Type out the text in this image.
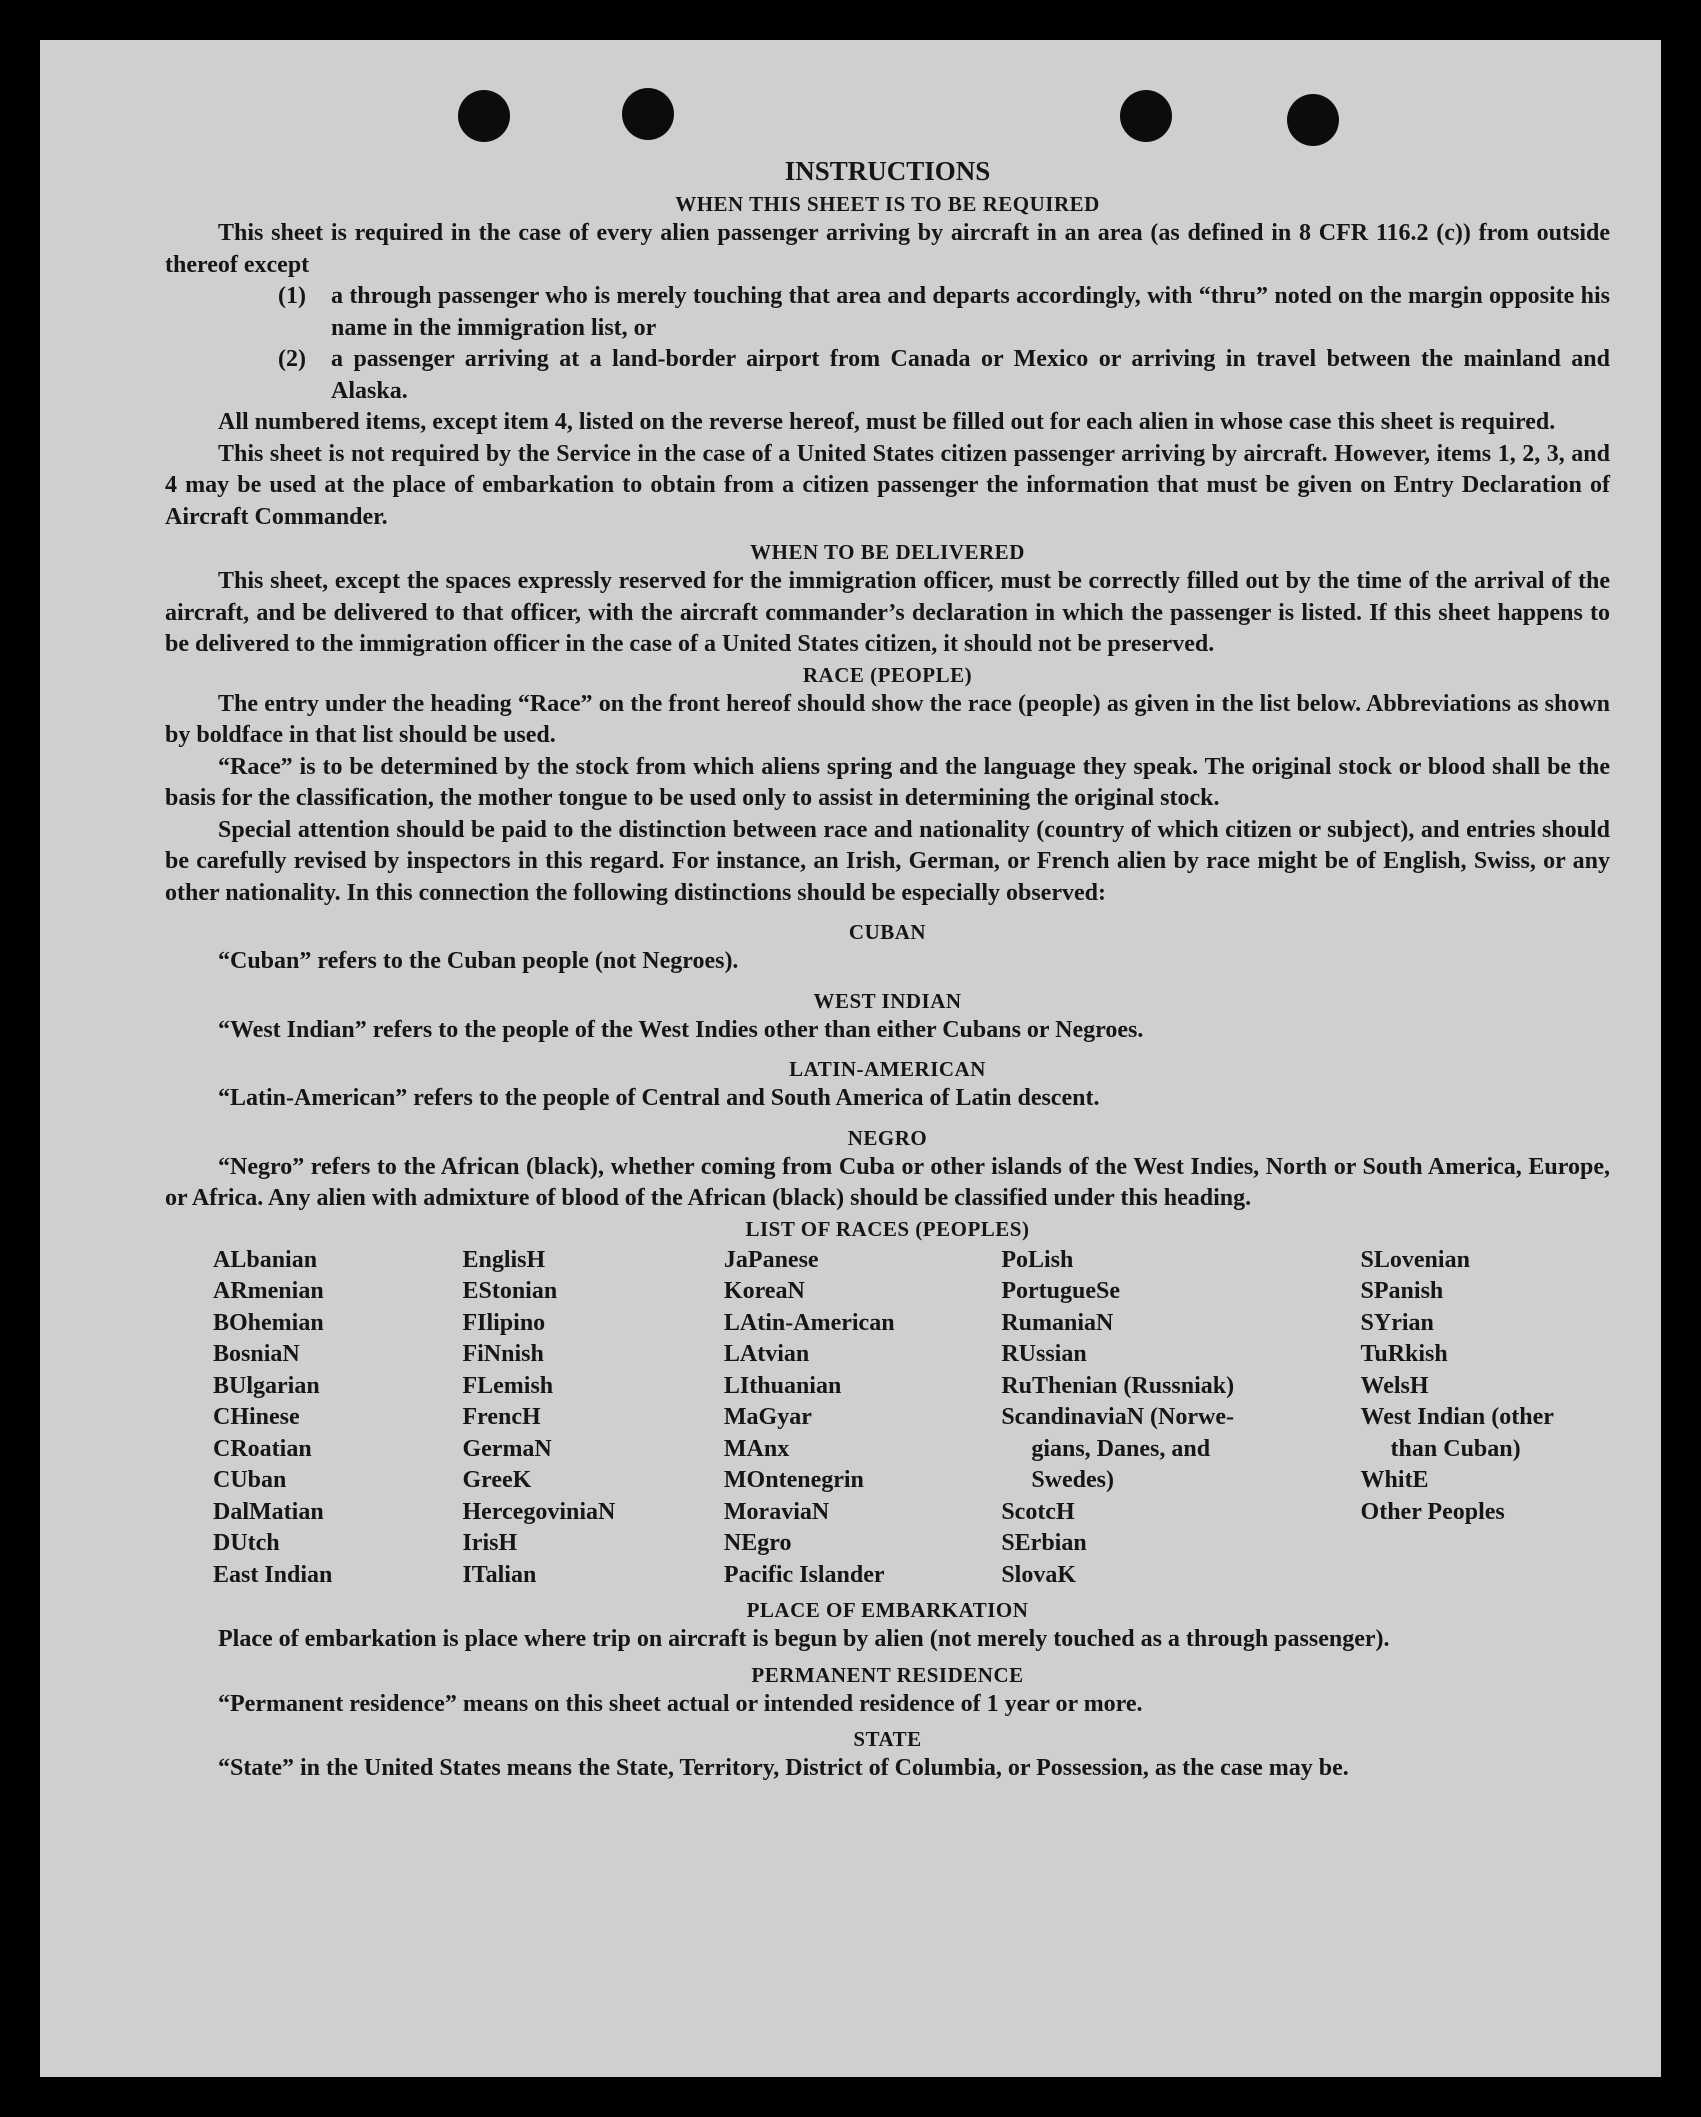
INSTRUCTIONS
WHEN THIS SHEET IS TO BE REQUIRED
This sheet is required in the case of every alien passenger arriving by aircraft in an area (as defined in 8 CFR 116.2 (c)) from outside thereof except
(1)	a through passenger who is merely touching that area and departs accordingly, with “thru” noted on the margin opposite his name in the immigration list, or
(2)	a passenger arriving at a land-border airport from Canada or Mexico or arriving in travel between the mainland and Alaska.
All numbered items, except item 4, listed on the reverse hereof, must be filled out for each alien in whose case this sheet is required.
This sheet is not required by the Service in the case of a United States citizen passenger arriving by aircraft. However, items 1, 2, 3, and 4 may be used at the place of embarkation to obtain from a citizen passenger the information that must be given on Entry Declaration of Aircraft Commander.
WHEN TO BE DELIVERED
This sheet, except the spaces expressly reserved for the immigration officer, must be correctly filled out by the time of the arrival of the aircraft, and be delivered to that officer, with the aircraft commander’s declaration in which the passenger is listed. If this sheet happens to be delivered to the immigration officer in the case of a United States citizen, it should not be preserved.
RACE (PEOPLE)
The entry under the heading “Race” on the front hereof should show the race (people) as given in the list below. Abbreviations as shown by boldface in that list should be used.
“Race” is to be determined by the stock from which aliens spring and the language they speak. The original stock or blood shall be the basis for the classification, the mother tongue to be used only to assist in determining the original stock.
Special attention should be paid to the distinction between race and nationality (country of which citizen or subject), and entries should be carefully revised by inspectors in this regard. For instance, an Irish, German, or French alien by race might be of English, Swiss, or any other nationality. In this connection the following distinctions should be especially observed:
CUBAN
“Cuban” refers to the Cuban people (not Negroes).
WEST INDIAN
“West Indian” refers to the people of the West Indies other than either Cubans or Negroes.
LATIN-AMERICAN
“Latin-American” refers to the people of Central and South America of Latin descent.
NEGRO
“Negro” refers to the African (black), whether coming from Cuba or other islands of the West Indies, North or South America, Europe, or Africa. Any alien with admixture of blood of the African (black) should be classified under this heading.
LIST OF RACES (PEOPLES)
ALbanian
ARmenian
BOhemian
BosniaN
BUlgarian
CHinese
CRoatian
CUban
DalMatian
DUtch
East Indian
EnglisH
EStonian
FIlipino
FiNnish
FLemish
FrencH
GermaN
GreeK
HercegoviniaN
IrisH
ITalian
JaPanese
KoreaN
LAtin-American
LAtvian
LIthuanian
MaGyar
MAnx
MOntenegrin
MoraviaN
NEgro
Pacific Islander
PoLish
PortugueSe
RumaniaN
RUssian
RuThenian (Russniak)
ScandinaviaN (Norwe-
gians, Danes, and
Swedes)
ScotcH
SErbian
SlovaK
SLovenian
SPanish
SYrian
TuRkish
WelsH
West Indian (other
than Cuban)
WhitE
Other Peoples
PLACE OF EMBARKATION
Place of embarkation is place where trip on aircraft is begun by alien (not merely touched as a through passenger).
PERMANENT RESIDENCE
“Permanent residence” means on this sheet actual or intended residence of 1 year or more.
STATE
“State” in the United States means the State, Territory, District of Columbia, or Possession, as the case may be.
